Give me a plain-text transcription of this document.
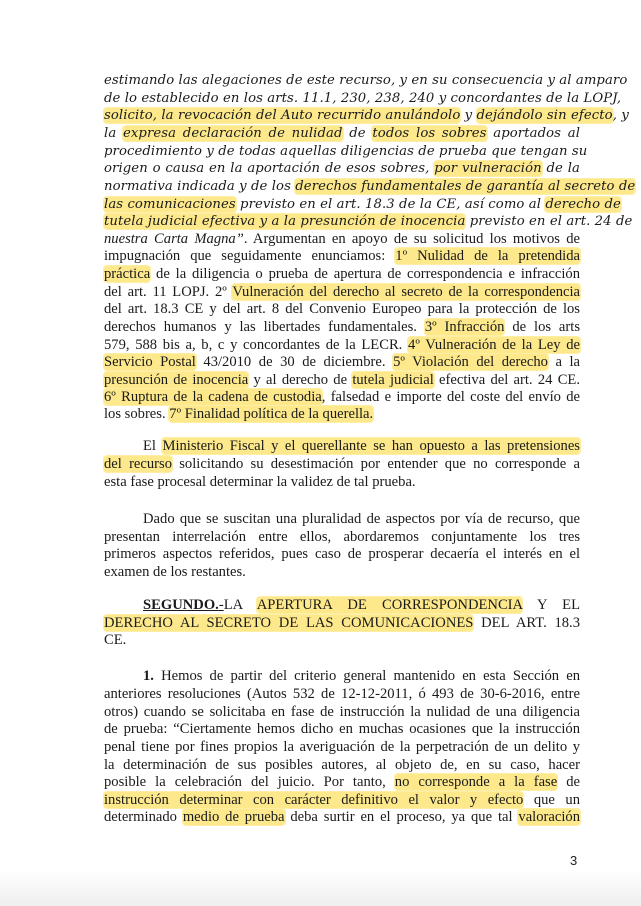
estimando las alegaciones de este recurso, y en su consecuencia y al amparo
de lo establecido en los arts. 11.1, 230, 238, 240 y concordantes de la LOPJ,
solicito, la revocación del Auto recurrido anulándolo y dejándolo sin efecto, y
la expresa declaración de nulidad de todos los sobres aportados al
procedimiento y de todas aquellas diligencias de prueba que tengan su
origen o causa en la aportación de esos sobres, por vulneración de la
normativa indicada y de los derechos fundamentales de garantía al secreto de
las comunicaciones previsto en el art. 18.3 de la CE, así como al derecho de
tutela judicial efectiva y a la presunción de inocencia previsto en el art. 24 de
nuestra Carta Magna”. Argumentan en apoyo de su solicitud los motivos de
impugnación que seguidamente enunciamos: 1º Nulidad de la pretendida
práctica de la diligencia o prueba de apertura de correspondencia e infracción
del art. 11 LOPJ. 2º Vulneración del derecho al secreto de la correspondencia
del art. 18.3 CE y del art. 8 del Convenio Europeo para la protección de los
derechos humanos y las libertades fundamentales. 3º Infracción de los arts
579, 588 bis a, b, c y concordantes de la LECR. 4º Vulneración de la Ley de
Servicio Postal 43/2010 de 30 de diciembre. 5º Violación del derecho a la
presunción de inocencia y al derecho de tutela judicial efectiva del art. 24 CE.
6º Ruptura de la cadena de custodia, falsedad e importe del coste del envío de
los sobres. 7º Finalidad política de la querella.
El Ministerio Fiscal y el querellante se han opuesto a las pretensiones
del recurso solicitando su desestimación por entender que no corresponde a
esta fase procesal determinar la validez de tal prueba.
Dado que se suscitan una pluralidad de aspectos por vía de recurso, que
presentan interrelación entre ellos, abordaremos conjuntamente los tres
primeros aspectos referidos, pues caso de prosperar decaería el interés en el
examen de los restantes.
SEGUNDO.-LA APERTURA DE CORRESPONDENCIA Y EL
DERECHO AL SECRETO DE LAS COMUNICACIONES DEL ART. 18.3
CE.
1. Hemos de partir del criterio general mantenido en esta Sección en
anteriores resoluciones (Autos 532 de 12-12-2011, ó 493 de 30-6-2016, entre
otros) cuando se solicitaba en fase de instrucción la nulidad de una diligencia
de prueba: “Ciertamente hemos dicho en muchas ocasiones que la instrucción
penal tiene por fines propios la averiguación de la perpetración de un delito y
la determinación de sus posibles autores, al objeto de, en su caso, hacer
posible la celebración del juicio. Por tanto, no corresponde a la fase de
instrucción determinar con carácter definitivo el valor y efecto que un
determinado medio de prueba deba surtir en el proceso, ya que tal valoración
3
